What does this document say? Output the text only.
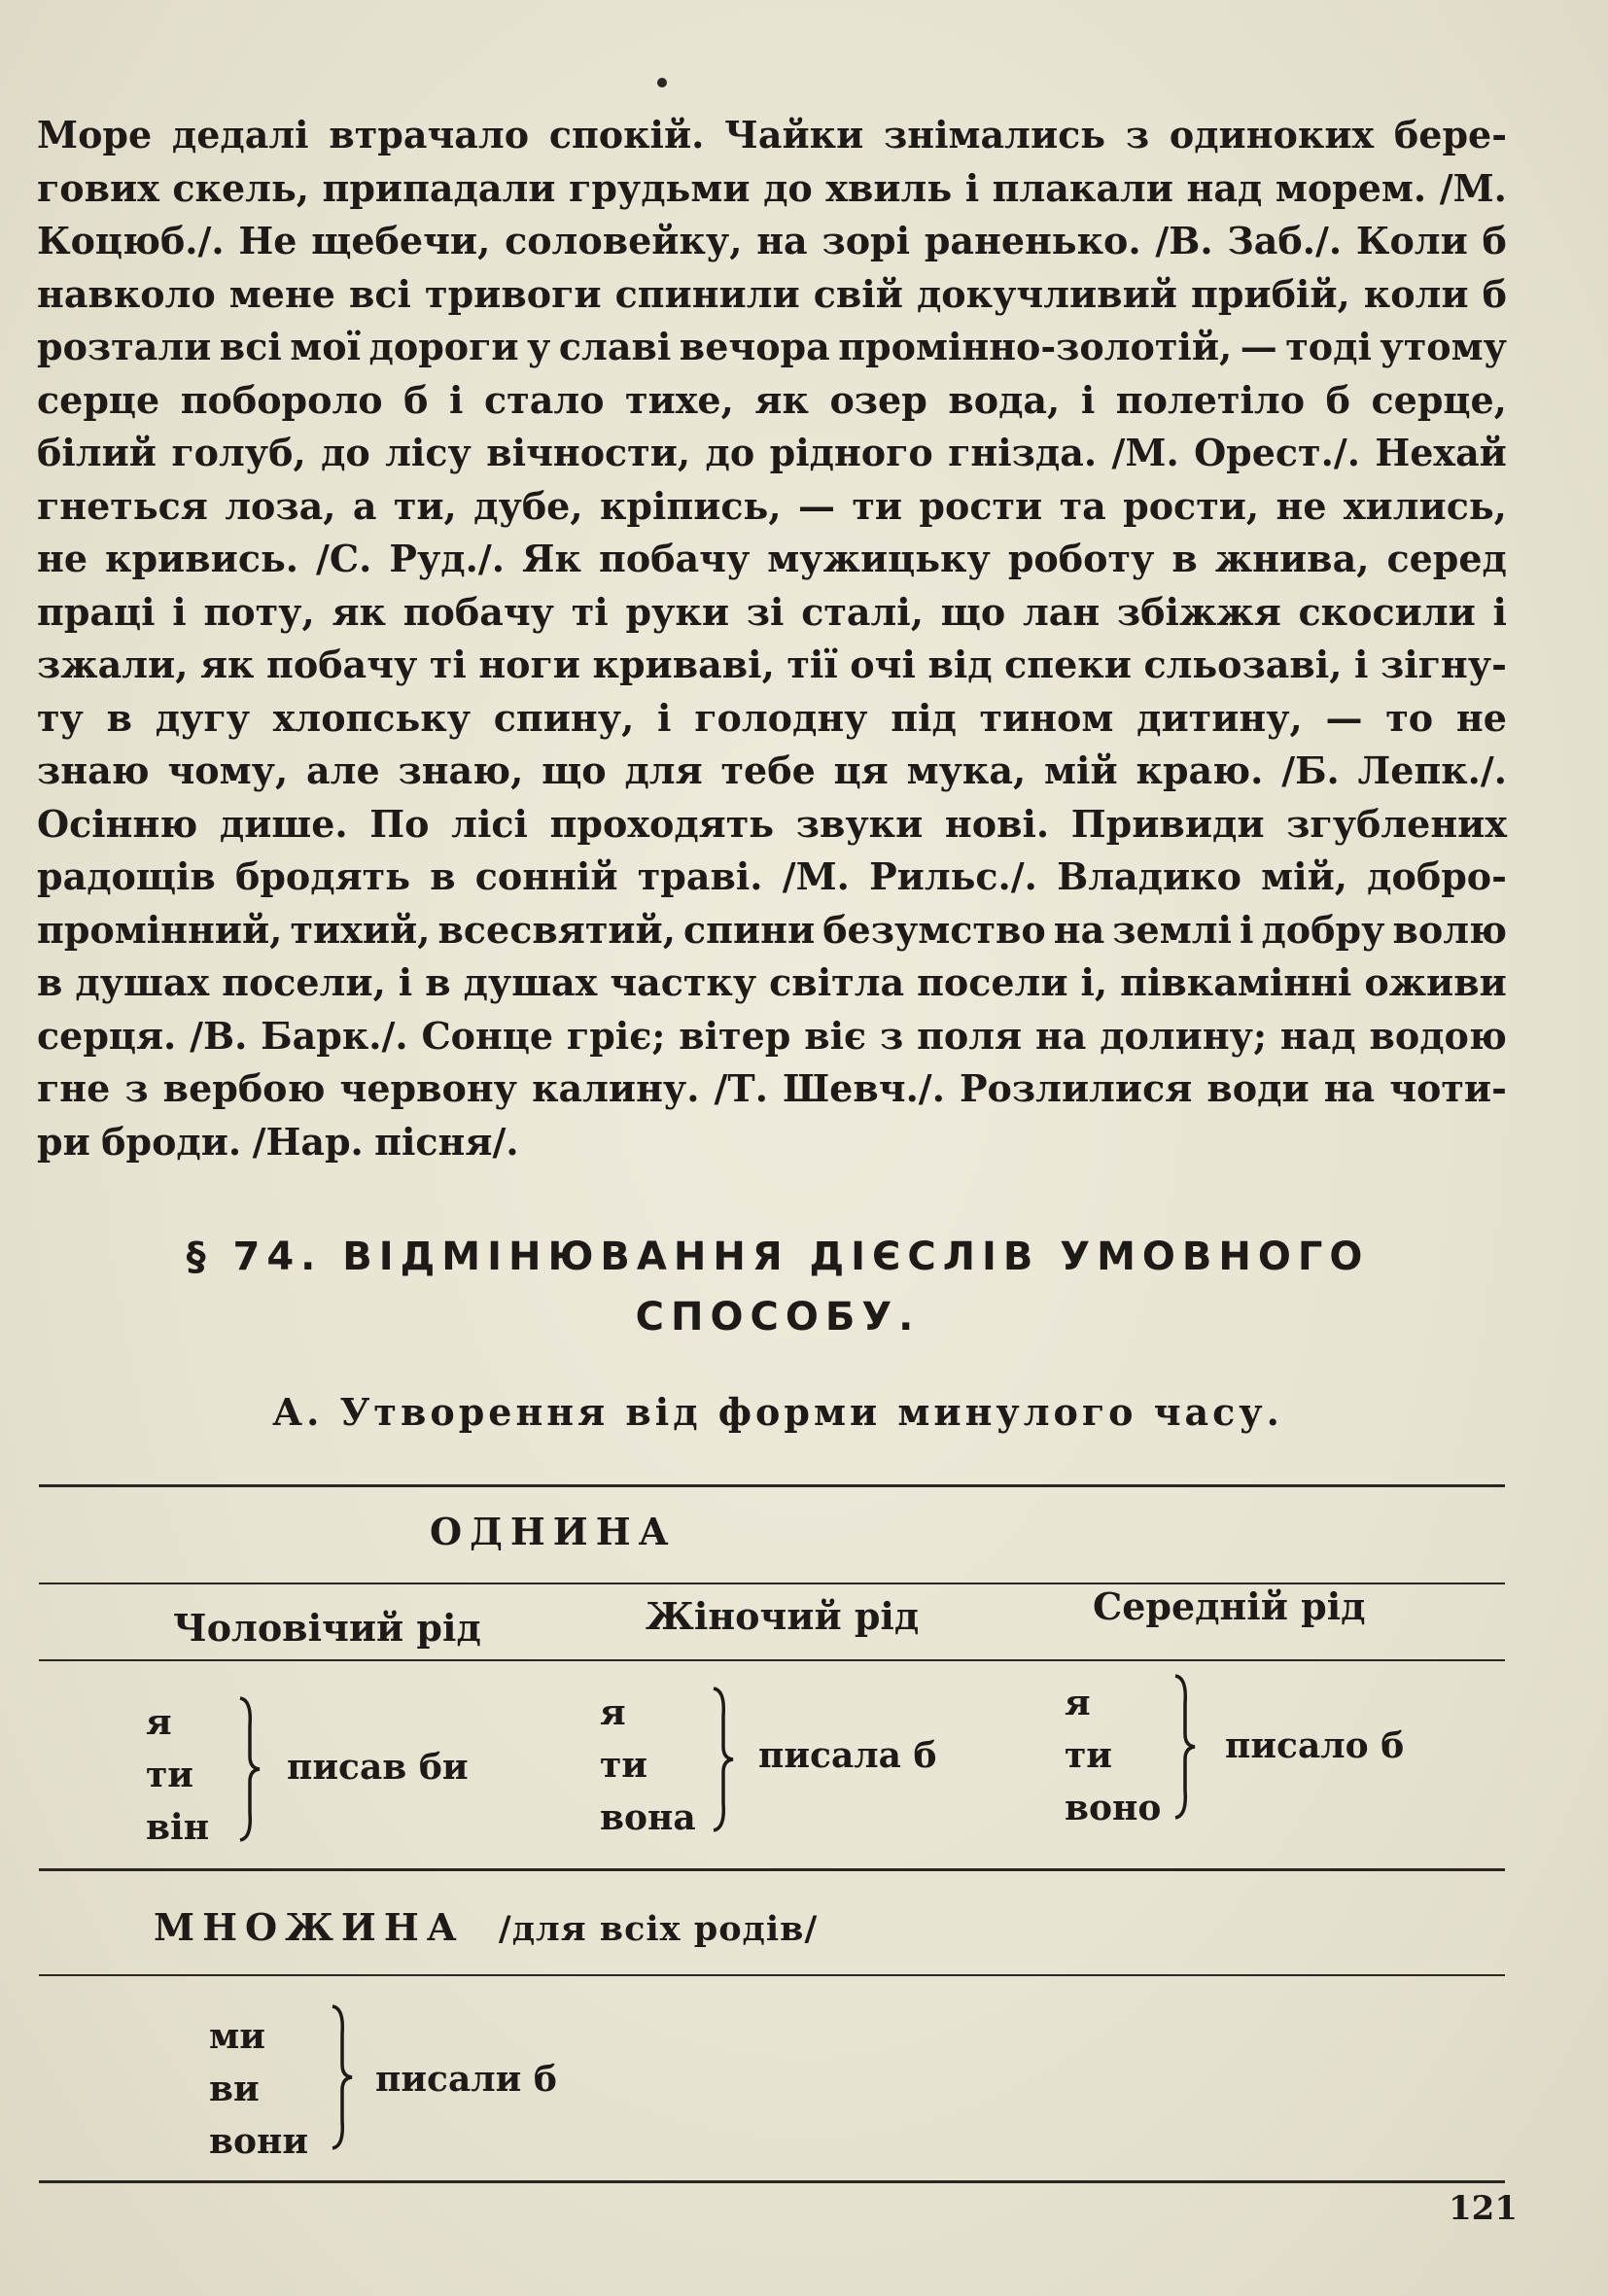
Море дедалі втрачало спокій. Чайки знімались з одиноких бере-
гових скель, припадали грудьми до хвиль і плакали над морем. /М.
Коцюб./. Не щебечи, соловейку, на зорі раненько. /В. Заб./. Коли б
навколо мене всі тривоги спинили свій докучливий прибій, коли б
розтали всі мої дороги у славі вечора промінно-золотій, — тоді утому
серце побороло б і стало тихе, як озер вода, і полетіло б серце,
білий голуб, до лісу вічности, до рідного гнізда. /М. Орест./. Нехай
гнеться лоза, а ти, дубе, кріпись, — ти рости та рости, не хились,
не кривись. /С. Руд./. Як побачу мужицьку роботу в жнива, серед
праці і поту, як побачу ті руки зі сталі, що лан збіжжя скосили і
зжали, як побачу ті ноги криваві, тії очі від спеки сльозаві, і зігну-
ту в дугу хлопську спину, і голодну під тином дитину, — то не
знаю чому, але знаю, що для тебе ця мука, мій краю. /Б. Лепк./.
Осінню дише. По лісі проходять звуки нові. Привиди згублених
радощів бродять в сонній траві. /М. Рильс./. Владико мій, добро-
промінний, тихий, всесвятий, спини безумство на землі і добру волю
в душах посели, і в душах частку світла посели і, півкамінні оживи
серця. /В. Барк./. Сонце гріє; вітер віє з поля на долину; над водою
гне з вербою червону калину. /Т. Шевч./. Розлилися води на чоти-
ри броди. /Нар. пісня/.
§ 74. ВІДМІНЮВАННЯ ДІЄСЛІВ УМОВНОГО
СПОСОБУ.
А. Утворення від форми минулого часу.
ОДНИНА
Чоловічий рід	Жіночий рід	Середній рід
я
ти
він
писав би
я
ти
вона
писала б
я
ти
воно
писало б
МНОЖИНА /для всіх родів/
ми
ви
вони
писали б
121
